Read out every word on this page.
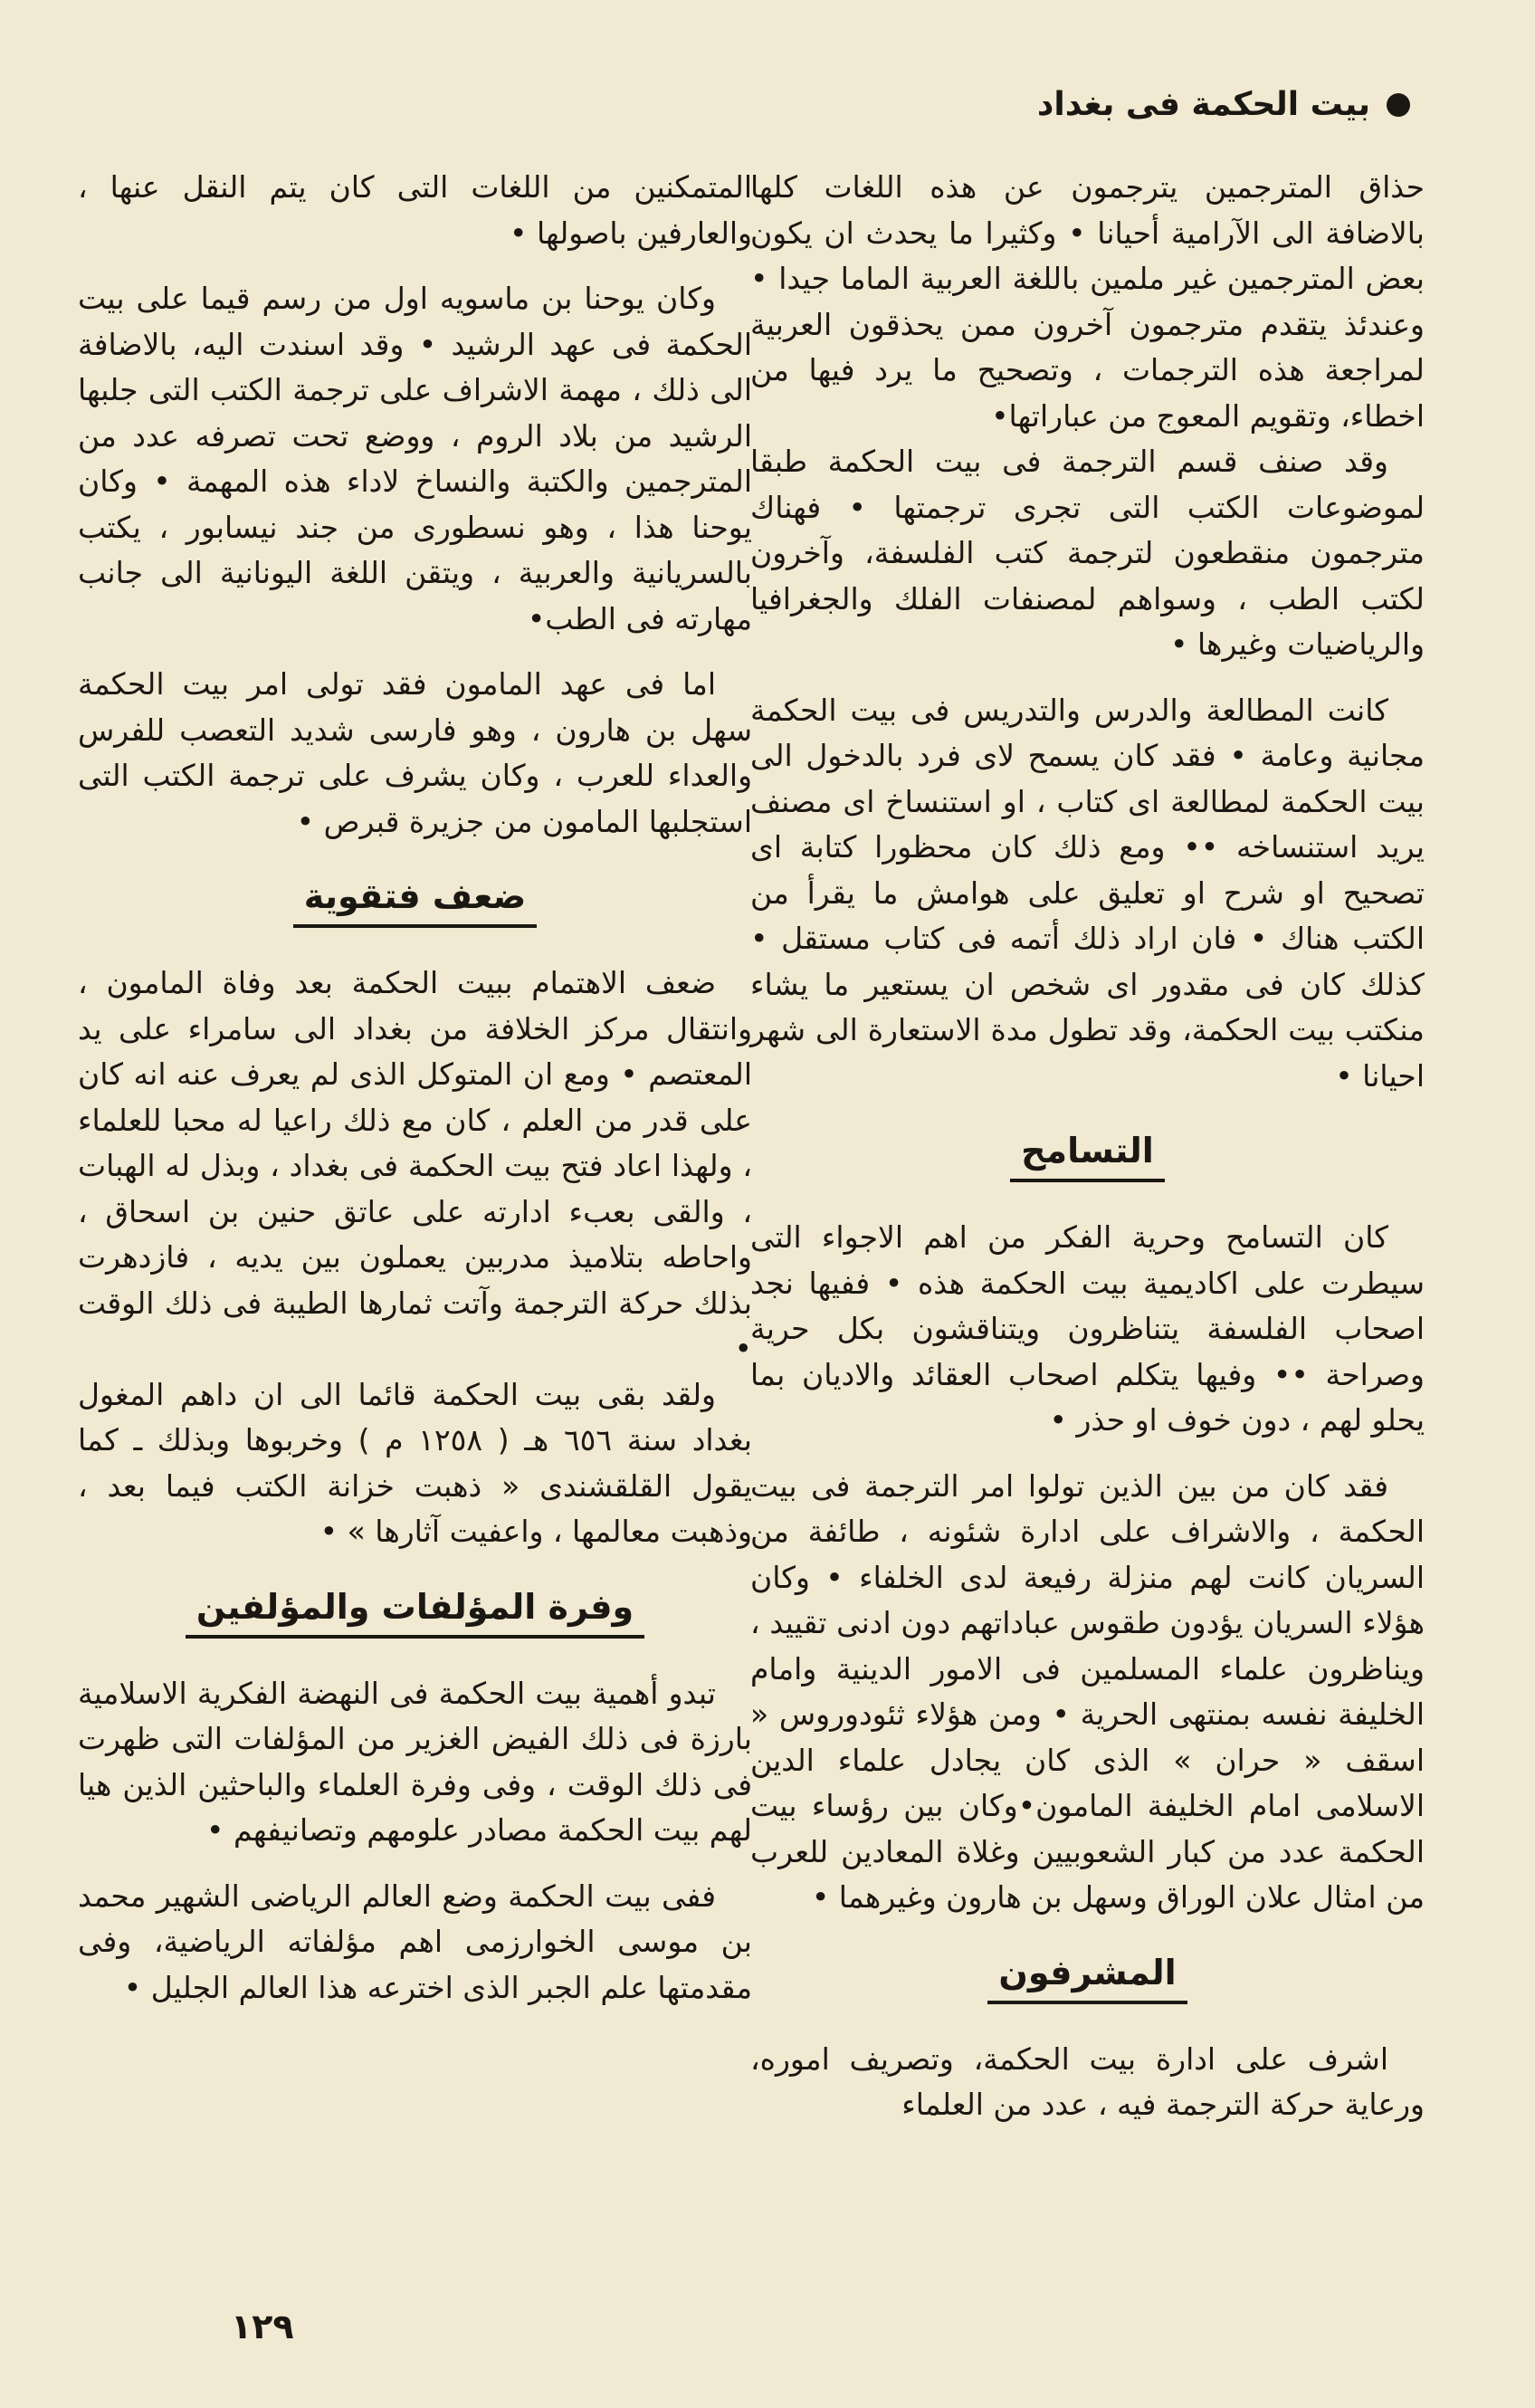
بيت الحكمة فى بغداد

حذاق المترجمين يترجمون عن هذه اللغات كلها بالاضافة الى الآرامية أحيانا • وكثيرا ما يحدث ان يكون بعض المترجمين غير ملمين باللغة العربية الماما جيدا • وعندئذ يتقدم مترجمون آخرون ممن يحذقون العربية لمراجعة هذه الترجمات ، وتصحيح ما يرد فيها من اخطاء، وتقويم المعوج من عباراتها•

وقد صنف قسم الترجمة فى بيت الحكمة طبقا لموضوعات الكتب التى تجرى ترجمتها • فهناك مترجمون منقطعون لترجمة كتب الفلسفة، وآخرون لكتب الطب ، وسواهم لمصنفات الفلك والجغرافيا والرياضيات وغيرها •

كانت المطالعة والدرس والتدريس فى بيت الحكمة مجانية وعامة • فقد كان يسمح لاى فرد بالدخول الى بيت الحكمة لمطالعة اى كتاب ، او استنساخ اى مصنف يريد استنساخه •• ومع ذلك كان محظورا كتابة اى تصحيح او شرح او تعليق على هوامش ما يقرأ من الكتب هناك • فان اراد ذلك أتمه فى كتاب مستقل • كذلك كان فى مقدور اى شخص ان يستعير ما يشاء منكتب بيت الحكمة، وقد تطول مدة الاستعارة الى شهر احيانا •

التسامح

كان التسامح وحرية الفكر من اهم الاجواء التى سيطرت على اكاديمية بيت الحكمة هذه • ففيها نجد اصحاب الفلسفة يتناظرون ويتناقشون بكل حرية وصراحة •• وفيها يتكلم اصحاب العقائد والاديان بما يحلو لهم ، دون خوف او حذر •

فقد كان من بين الذين تولوا امر الترجمة فى بيت الحكمة ، والاشراف على ادارة شئونه ، طائفة من السريان كانت لهم منزلة رفيعة لدى الخلفاء • وكان هؤلاء السريان يؤدون طقوس عباداتهم دون ادنى تقييد ، ويناظرون علماء المسلمين فى الامور الدينية وامام الخليفة نفسه بمنتهى الحرية • ومن هؤلاء ثئودوروس « اسقف « حران » الذى كان يجادل علماء الدين الاسلامى امام الخليفة المامون•وكان بين رؤساء بيت الحكمة عدد من كبار الشعوبيين وغلاة المعادين للعرب من امثال علان الوراق وسهل بن هارون وغيرهما •

المشرفون

اشرف على ادارة بيت الحكمة، وتصريف اموره، ورعاية حركة الترجمة فيه ، عدد من العلماء

المتمكنين من اللغات التى كان يتم النقل عنها ، والعارفين باصولها •

وكان يوحنا بن ماسويه اول من رسم قيما على بيت الحكمة فى عهد الرشيد • وقد اسندت اليه، بالاضافة الى ذلك ، مهمة الاشراف على ترجمة الكتب التى جلبها الرشيد من بلاد الروم ، ووضع تحت تصرفه عدد من المترجمين والكتبة والنساخ لاداء هذه المهمة • وكان يوحنا هذا ، وهو نسطورى من جند نيسابور ، يكتب بالسريانية والعربية ، ويتقن اللغة اليونانية الى جانب مهارته فى الطب•

اما فى عهد المامون فقد تولى امر بيت الحكمة سهل بن هارون ، وهو فارسى شديد التعصب للفرس والعداء للعرب ، وكان يشرف على ترجمة الكتب التى استجلبها المامون من جزيرة قبرص •

ضعف فتقوية

ضعف الاهتمام ببيت الحكمة بعد وفاة المامون ، وانتقال مركز الخلافة من بغداد الى سامراء على يد المعتصم • ومع ان المتوكل الذى لم يعرف عنه انه كان على قدر من العلم ، كان مع ذلك راعيا له محبا للعلماء ، ولهذا اعاد فتح بيت الحكمة فى بغداد ، وبذل له الهبات ، والقى بعبء ادارته على عاتق حنين بن اسحاق ، واحاطه بتلاميذ مدربين يعملون بين يديه ، فازدهرت بذلك حركة الترجمة وآتت ثمارها الطيبة فى ذلك الوقت •

ولقد بقى بيت الحكمة قائما الى ان داهم المغول بغداد سنة ٦٥٦ هـ ( ١٢٥٨ م ) وخربوها وبذلك ـ كما يقول القلقشندى « ذهبت خزانة الكتب فيما بعد ، وذهبت معالمها ، واعفيت آثارها » •

وفرة المؤلفات والمؤلفين

تبدو أهمية بيت الحكمة فى النهضة الفكرية الاسلامية بارزة فى ذلك الفيض الغزير من المؤلفات التى ظهرت فى ذلك الوقت ، وفى وفرة العلماء والباحثين الذين هيا لهم بيت الحكمة مصادر علومهم وتصانيفهم •

ففى بيت الحكمة وضع العالم الرياضى الشهير محمد بن موسى الخوارزمى اهم مؤلفاته الرياضية، وفى مقدمتها علم الجبر الذى اخترعه هذا العالم الجليل •

١٢٩
